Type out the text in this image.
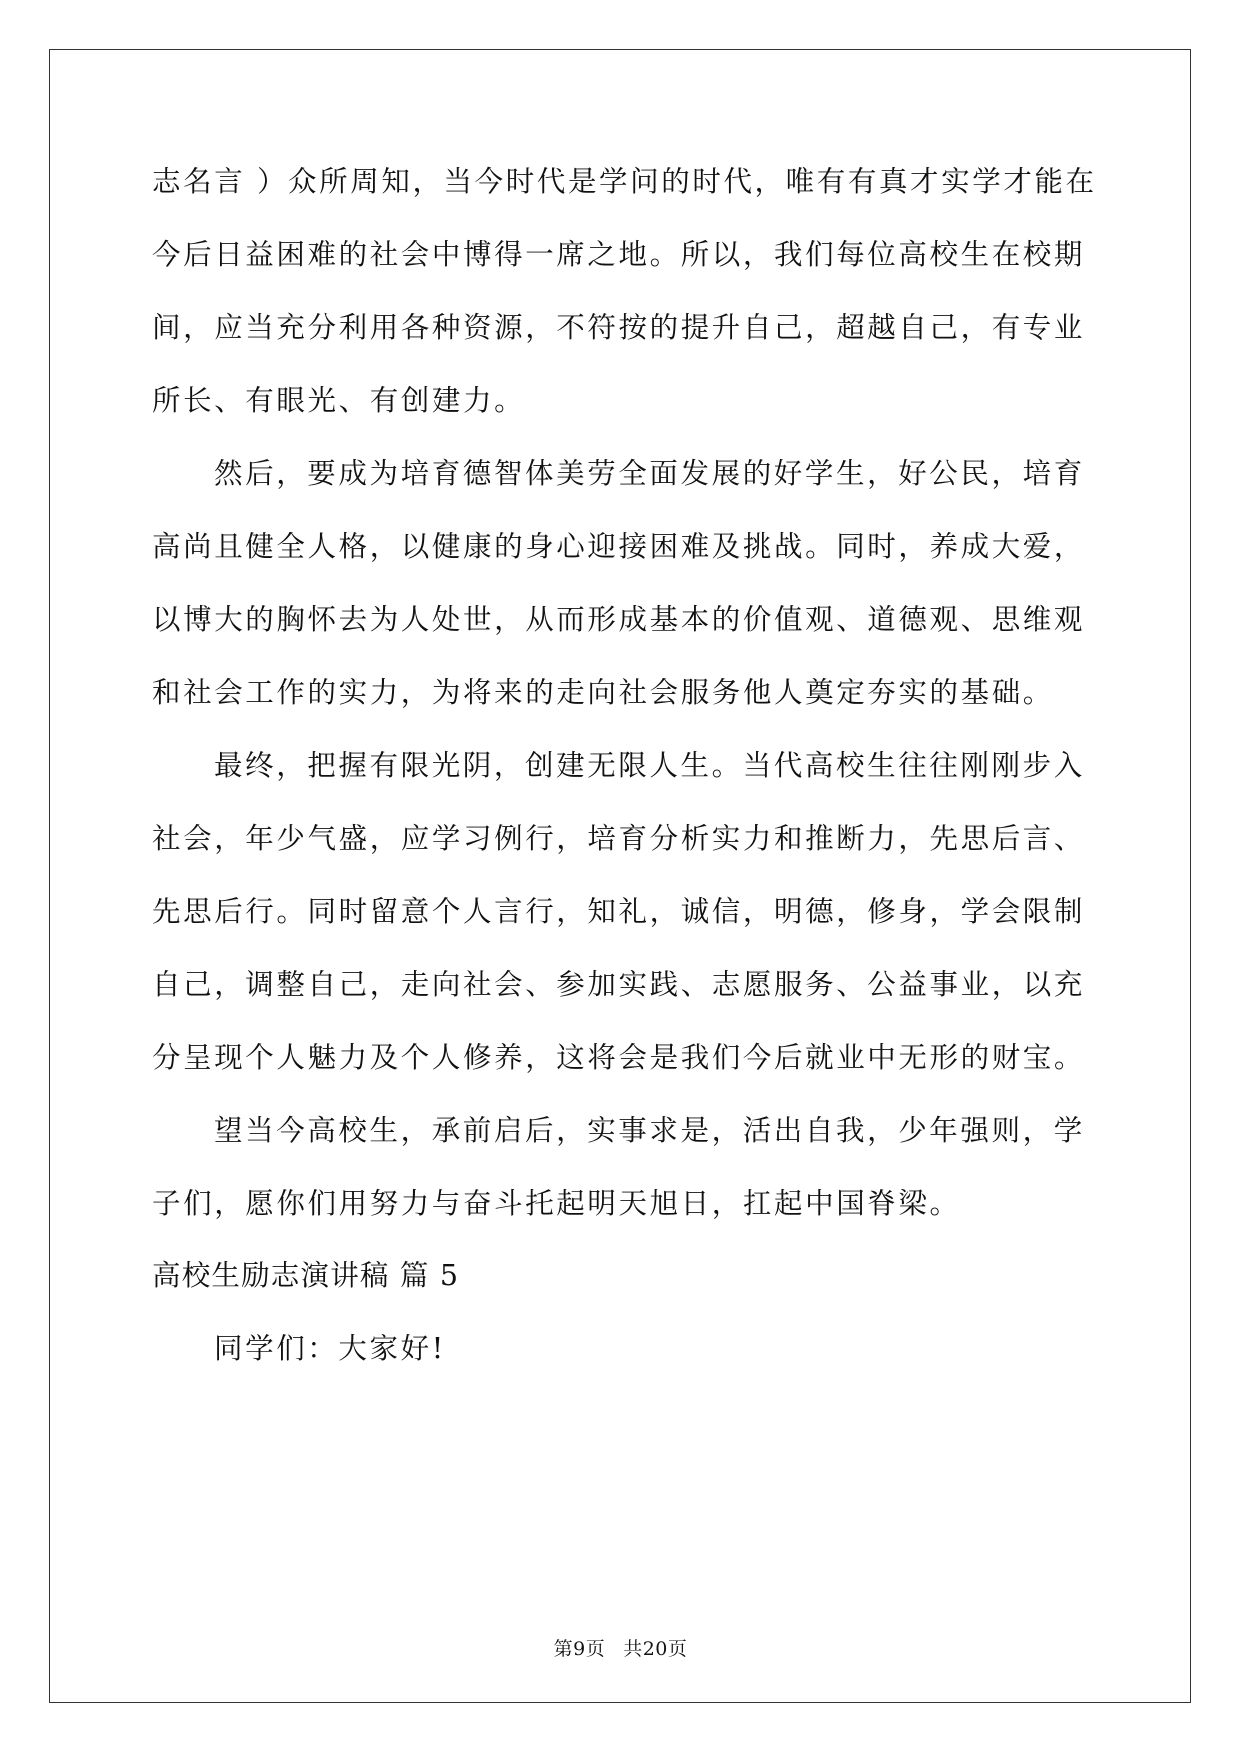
志名言 ）众所周知，当今时代是学问的时代，唯有有真才实学才能在
今后日益困难的社会中博得一席之地。所以，我们每位高校生在校期
间，应当充分利用各种资源，不符按的提升自己，超越自己，有专业
所长、有眼光、有创建力。
然后，要成为培育德智体美劳全面发展的好学生，好公民，培育
高尚且健全人格，以健康的身心迎接困难及挑战。同时，养成大爱，
以博大的胸怀去为人处世，从而形成基本的价值观、道德观、思维观
和社会工作的实力，为将来的走向社会服务他人奠定夯实的基础。
最终，把握有限光阴，创建无限人生。当代高校生往往刚刚步入
社会，年少气盛，应学习例行，培育分析实力和推断力，先思后言、
先思后行。同时留意个人言行，知礼，诚信，明德，修身，学会限制
自己，调整自己，走向社会、参加实践、志愿服务、公益事业，以充
分呈现个人魅力及个人修养，这将会是我们今后就业中无形的财宝。
望当今高校生，承前启后，实事求是，活出自我，少年强则，学
子们，愿你们用努力与奋斗托起明天旭日，扛起中国脊梁。
高校生励志演讲稿 篇 5
同学们：大家好!
第9页 共20页
